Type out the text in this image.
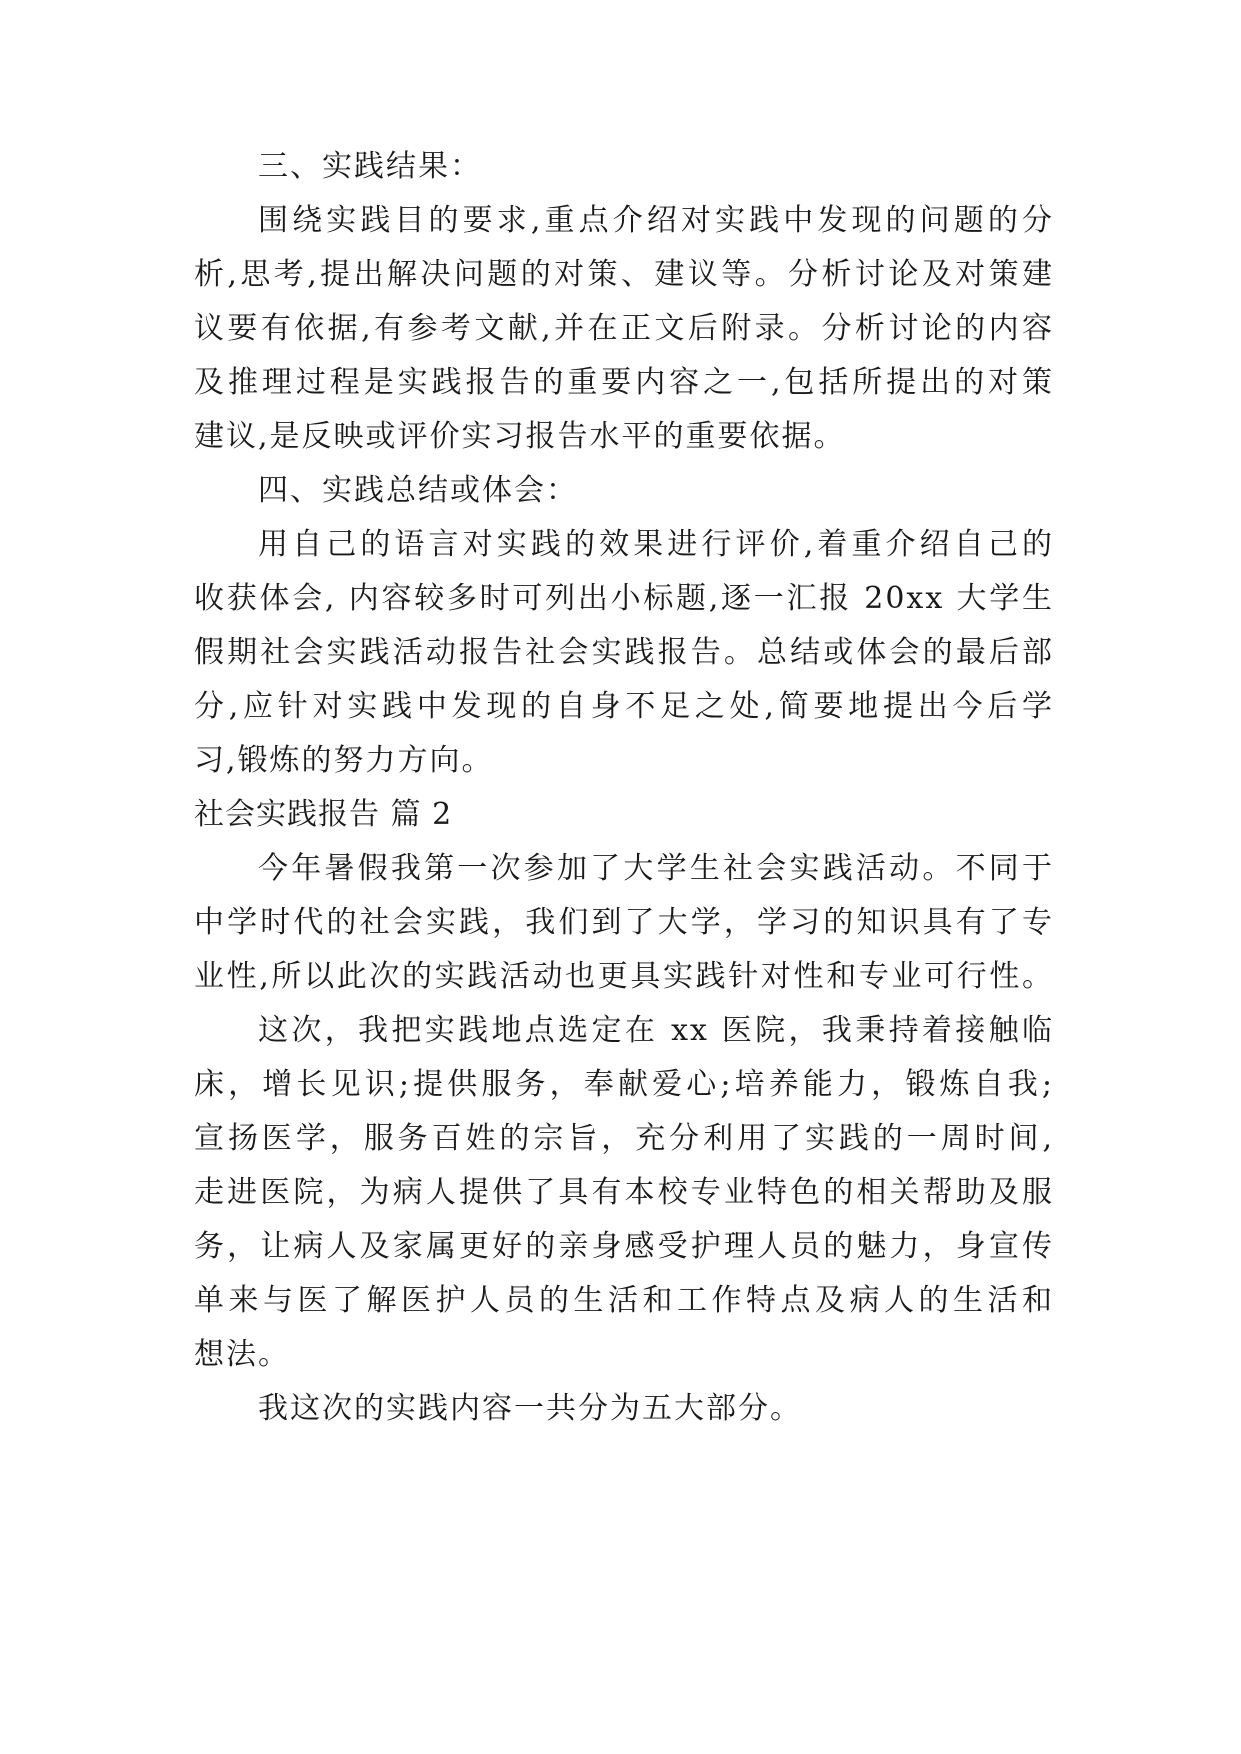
三、实践结果：
围绕实践目的要求,重点介绍对实践中发现的问题的分
析,思考,提出解决问题的对策、建议等。分析讨论及对策建
议要有依据,有参考文献,并在正文后附录。分析讨论的内容
及推理过程是实践报告的重要内容之一,包括所提出的对策
建议,是反映或评价实习报告水平的重要依据。
四、实践总结或体会：
用自己的语言对实践的效果进行评价,着重介绍自己的
收获体会, 内容较多时可列出小标题,逐一汇报 20xx 大学生
假期社会实践活动报告社会实践报告。总结或体会的最后部
分,应针对实践中发现的自身不足之处,简要地提出今后学
习,锻炼的努力方向。
社会实践报告 篇 2
今年暑假我第一次参加了大学生社会实践活动。不同于
中学时代的社会实践，我们到了大学，学习的知识具有了专
业性,所以此次的实践活动也更具实践针对性和专业可行性。
这次，我把实践地点选定在 xx 医院，我秉持着接触临
床，增长见识;提供服务，奉献爱心;培养能力，锻炼自我;
宣扬医学，服务百姓的宗旨，充分利用了实践的一周时间,
走进医院，为病人提供了具有本校专业特色的相关帮助及服
务，让病人及家属更好的亲身感受护理人员的魅力，身宣传
单来与医了解医护人员的生活和工作特点及病人的生活和
想法。
我这次的实践内容一共分为五大部分。
